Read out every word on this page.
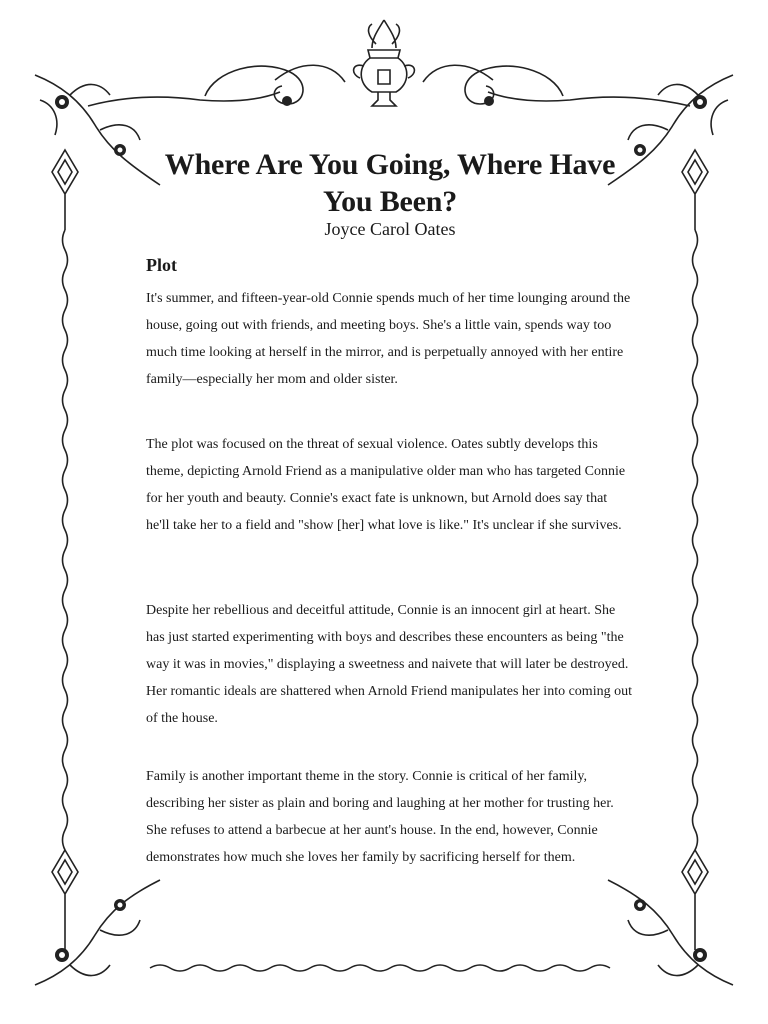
Where Are You Going, Where Have You Been?
Joyce Carol Oates
Plot

It's summer, and fifteen-year-old Connie spends much of her time lounging around the house, going out with friends, and meeting boys. She's a little vain, spends way too much time looking at herself in the mirror, and is perpetually annoyed with her entire family—especially her mom and older sister.

The plot was focused on the threat of sexual violence. Oates subtly develops this theme, depicting Arnold Friend as a manipulative older man who has targeted Connie for her youth and beauty. Connie's exact fate is unknown, but Arnold does say that he'll take her to a field and "show [her] what love is like." It's unclear if she survives.

Despite her rebellious and deceitful attitude, Connie is an innocent girl at heart. She has just started experimenting with boys and describes these encounters as being "the way it was in movies," displaying a sweetness and naivete that will later be destroyed. Her romantic ideals are shattered when Arnold Friend manipulates her into coming out of the house.

Family is another important theme in the story. Connie is critical of her family, describing her sister as plain and boring and laughing at her mother for trusting her. She refuses to attend a barbecue at her aunt's house. In the end, however, Connie demonstrates how much she loves her family by sacrificing herself for them.
